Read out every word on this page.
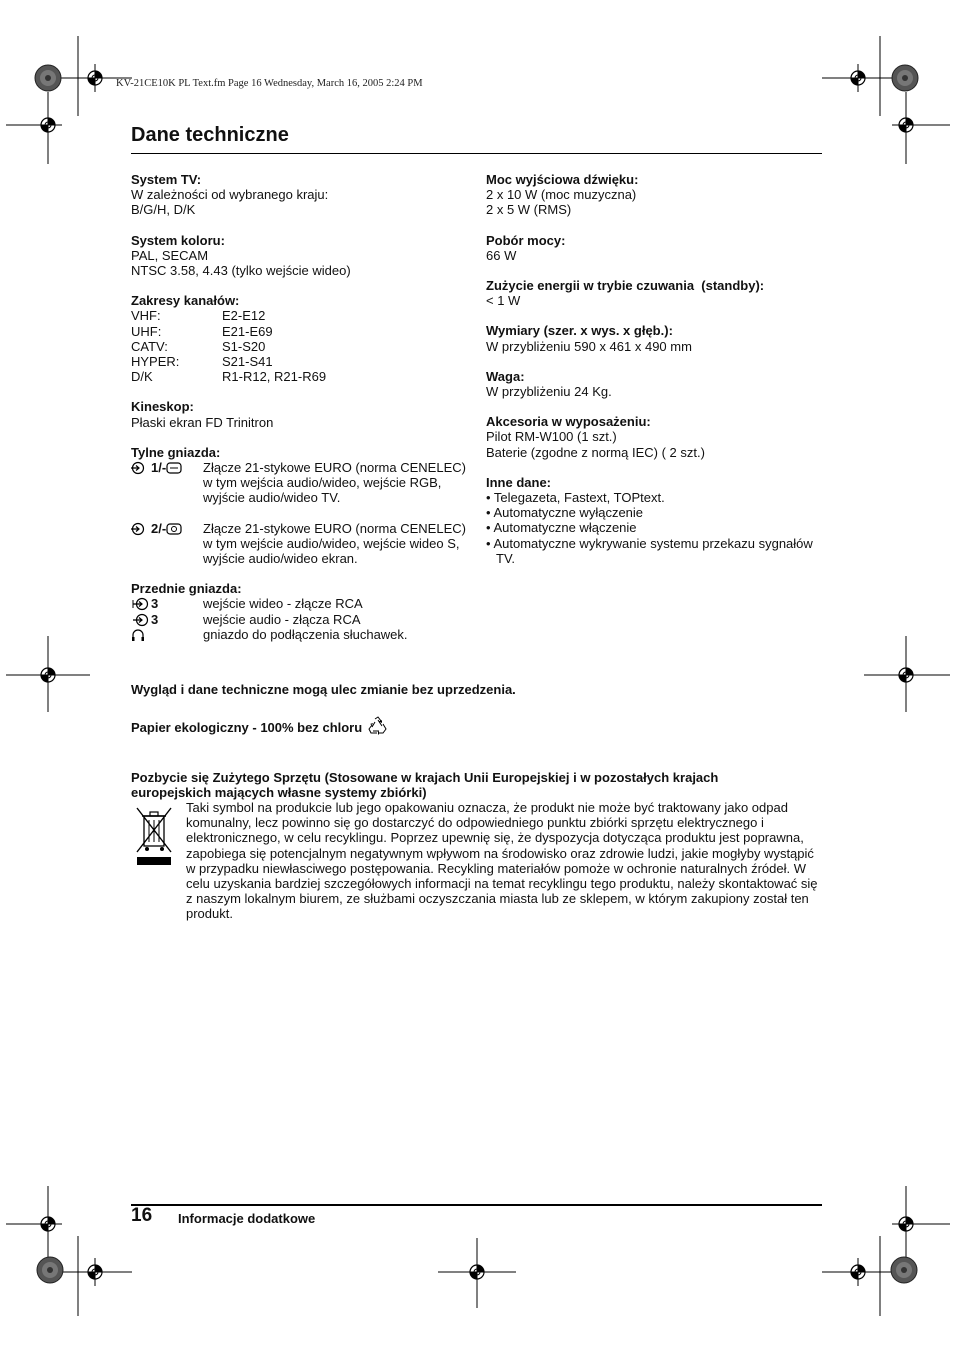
KV-21CE10K PL Text.fm Page 16 Wednesday, March 16, 2005 2:24 PM
Dane techniczne
System TV:
W zależności od wybranego kraju:
B/G/H, D/K
System koloru:
PAL, SECAM
NTSC 3.58, 4.43 (tylko wejście wideo)
Zakresy kanałów:
VHF:	E2-E12
UHF:	E21-E69
CATV:	S1-S20
HYPER:	S21-S41
D/K	R1-R12, R21-R69
Kineskop:
Płaski ekran FD Trinitron
Tylne gniazda:
1 /-	Złącze 21-stykowe EURO (norma CENELEC) w tym wejścia audio/wideo, wejście RGB, wyjście audio/wideo TV.
2 /-	Złącze 21-stykowe EURO (norma CENELEC) w tym wejście audio/wideo, wejście wideo S, wyjście audio/wideo ekran.
Przednie gniazda:
3	wejście wideo - złącze RCA
3	wejście audio - złącza RCA
gniazdo do podłączenia słuchawek.
Moc wyjściowa dźwięku:
2 x 10 W (moc muzyczna)
2 x 5 W (RMS)
Pobór mocy:
66 W
Zużycie energii w trybie czuwania  (standby):
< 1 W
Wymiary (szer. x wys. x głęb.):
W przybliżeniu 590 x 461 x 490 mm
Waga:
W przybliżeniu 24 Kg.
Akcesoria w wyposażeniu:
Pilot RM-W100 (1 szt.)
Baterie (zgodne z normą IEC) ( 2 szt.)
Inne dane:
• Telegazeta, Fastext, TOPtext.
• Automatyczne wyłączenie
• Automatyczne włączenie
• Automatyczne wykrywanie systemu przekazu sygnałów TV.
Wygląd i dane techniczne mogą ulec zmianie bez uprzedzenia.
Papier ekologiczny - 100% bez chloru
Pozbycie się Zużytego Sprzętu (Stosowane w krajach Unii Europejskiej i w pozostałych krajach europejskich mających własne systemy zbiórki)
Taki symbol na produkcie lub jego opakowaniu oznacza, że produkt nie może być traktowany jako odpad komunalny, lecz powinno się go dostarczyć do odpowiedniego punktu zbiórki sprzętu elektrycznego i elektronicznego, w celu recyklingu. Poprzez upewnię się, że dyspozycja dotycząca produktu jest poprawna, zapobiega się potencjalnym negatywnym wpływom na środowisko oraz zdrowie ludzi, jakie mogłyby wystąpić w przypadku niewłasciwego postępowania. Recykling materiałów pomoże w ochronie naturalnych źródeł. W celu uzyskania bardziej szczegółowych informacji na temat recyklingu tego produktu, należy skontaktować się z naszym lokalnym biurem, ze służbami oczyszczania miasta lub ze sklepem, w którym zakupiony został ten produkt.
16 Informacje dodatkowe
